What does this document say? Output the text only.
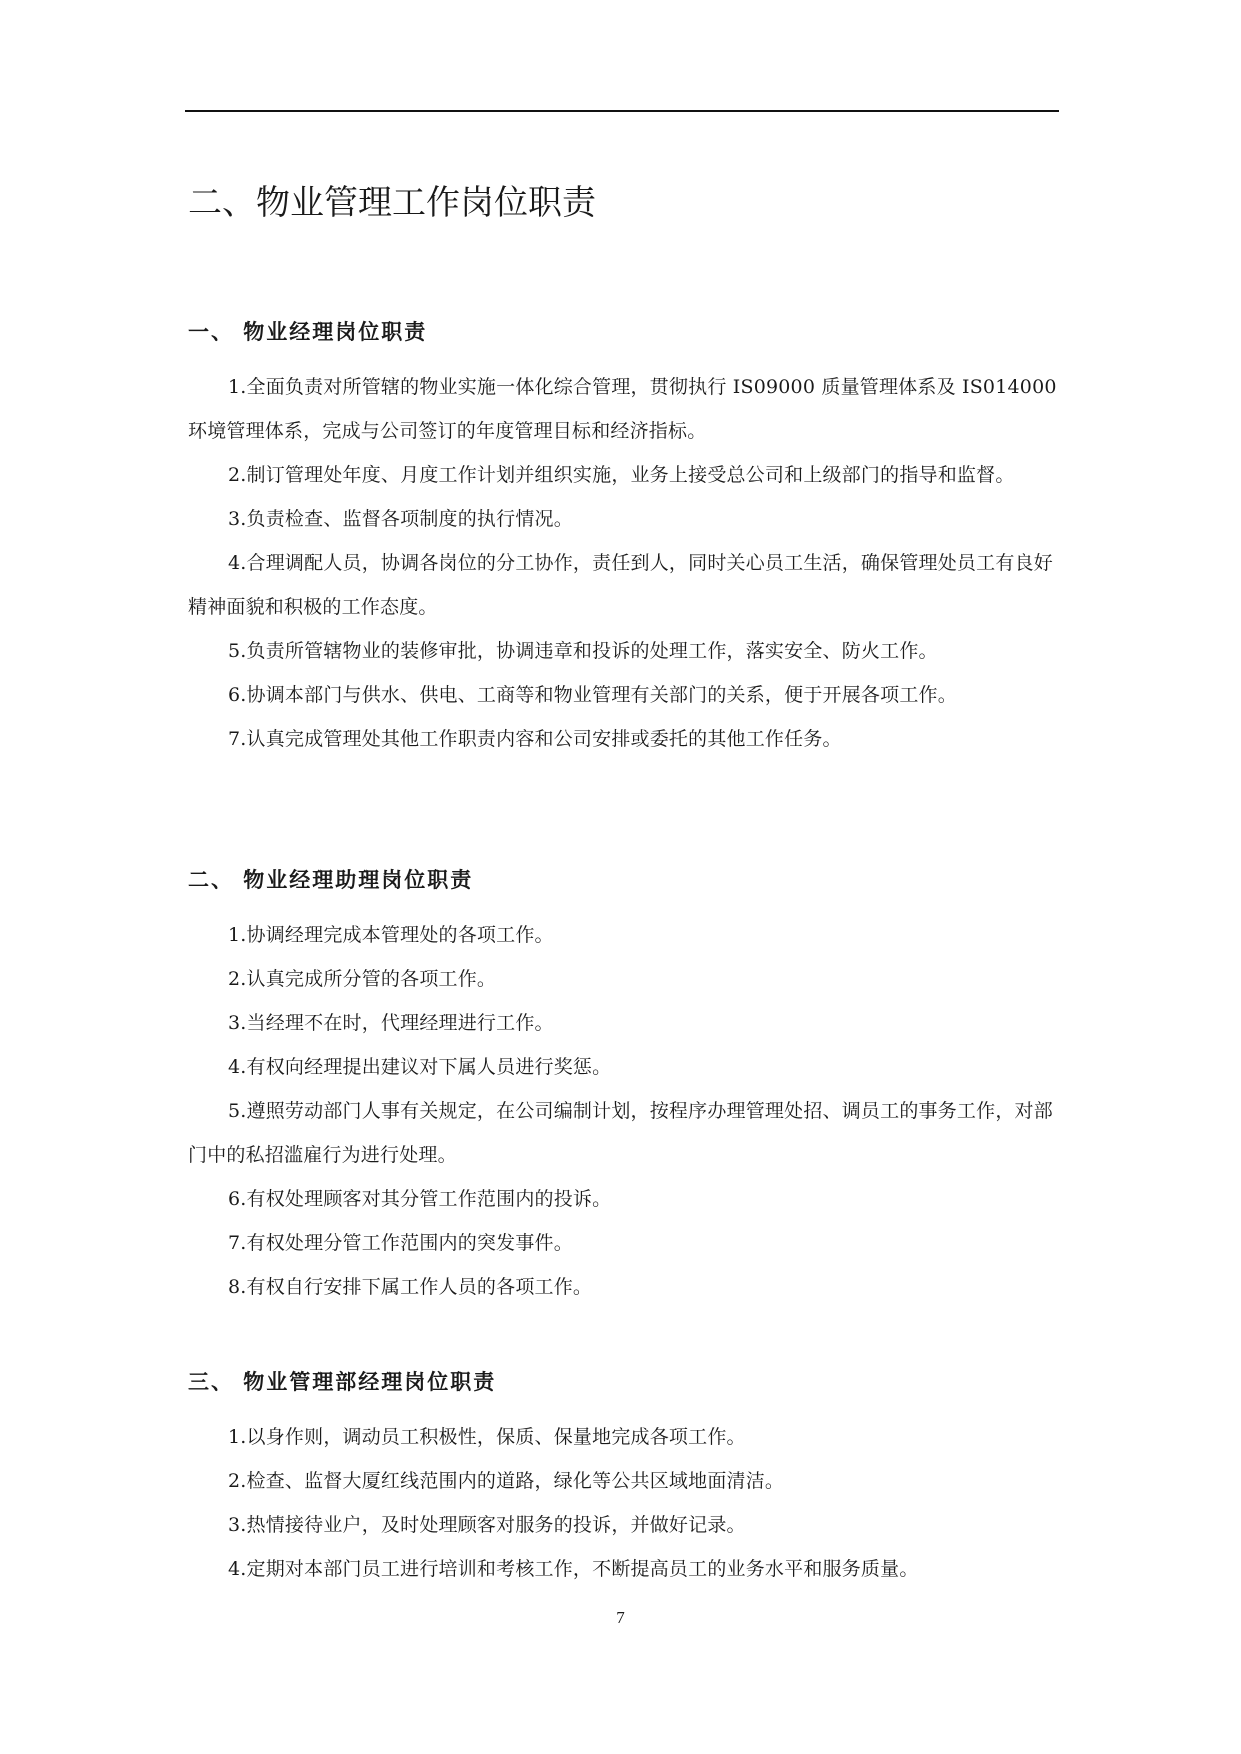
二、物业管理工作岗位职责
一、 物业经理岗位职责
1.全面负责对所管辖的物业实施一体化综合管理，贯彻执行 IS09000 质量管理体系及 IS014000 环境管理体系，完成与公司签订的年度管理目标和经济指标。
2.制订管理处年度、月度工作计划并组织实施，业务上接受总公司和上级部门的指导和监督。
3.负责检查、监督各项制度的执行情况。
4.合理调配人员，协调各岗位的分工协作，责任到人，同时关心员工生活，确保管理处员工有良好精神面貌和积极的工作态度。
5.负责所管辖物业的装修审批，协调违章和投诉的处理工作，落实安全、防火工作。
6.协调本部门与供水、供电、工商等和物业管理有关部门的关系，便于开展各项工作。
7.认真完成管理处其他工作职责内容和公司安排或委托的其他工作任务。
二、 物业经理助理岗位职责
1.协调经理完成本管理处的各项工作。
2.认真完成所分管的各项工作。
3.当经理不在时，代理经理进行工作。
4.有权向经理提出建议对下属人员进行奖惩。
5.遵照劳动部门人事有关规定，在公司编制计划，按程序办理管理处招、调员工的事务工作，对部门中的私招滥雇行为进行处理。
6.有权处理顾客对其分管工作范围内的投诉。
7.有权处理分管工作范围内的突发事件。
8.有权自行安排下属工作人员的各项工作。
三、 物业管理部经理岗位职责
1.以身作则，调动员工积极性，保质、保量地完成各项工作。
2.检查、监督大厦红线范围内的道路，绿化等公共区域地面清洁。
3.热情接待业户，及时处理顾客对服务的投诉，并做好记录。
4.定期对本部门员工进行培训和考核工作，不断提高员工的业务水平和服务质量。
7
